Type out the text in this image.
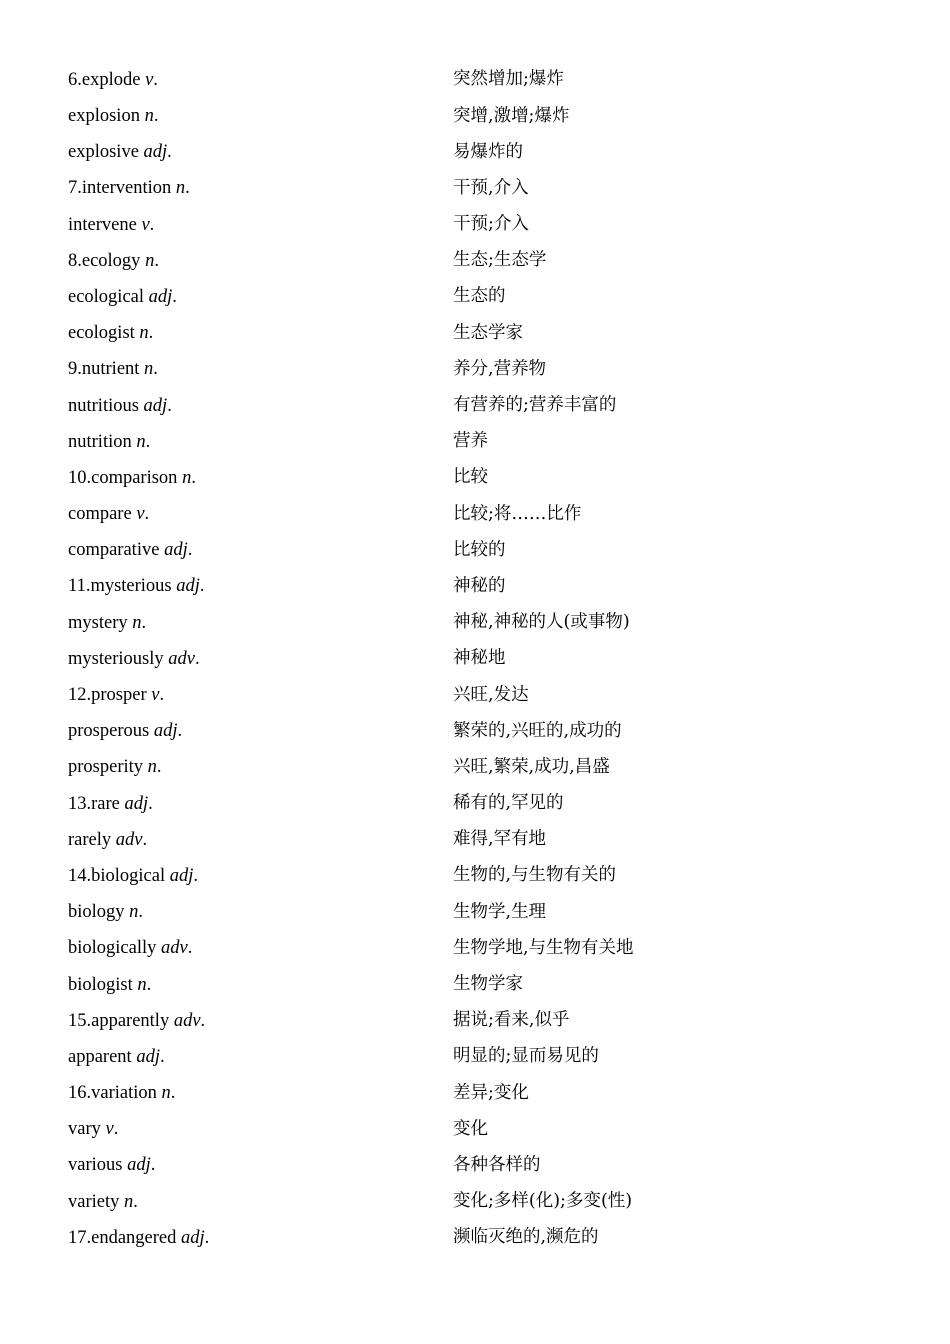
6.explode v.	突然增加;爆炸
explosion n.	突增,激增;爆炸
explosive adj.	易爆炸的
7.intervention n.	干预,介入
intervene v.	干预;介入
8.ecology n.	生态;生态学
ecological adj.	生态的
ecologist n.	生态学家
9.nutrient n.	养分,营养物
nutritious adj.	有营养的;营养丰富的
nutrition n.	营养
10.comparison n.	比较
compare v.	比较;将……比作
comparative adj.	比较的
11.mysterious adj.	神秘的
mystery n.	神秘,神秘的人(或事物)
mysteriously adv.	神秘地
12.prosper v.	兴旺,发达
prosperous adj.	繁荣的,兴旺的,成功的
prosperity n.	兴旺,繁荣,成功,昌盛
13.rare adj.	稀有的,罕见的
rarely adv.	难得,罕有地
14.biological adj.	生物的,与生物有关的
biology n.	生物学,生理
biologically adv.	生物学地,与生物有关地
biologist n.	生物学家
15.apparently adv.	据说;看来,似乎
apparent adj.	明显的;显而易见的
16.variation n.	差异;变化
vary v.	变化
various adj.	各种各样的
variety n.	变化;多样(化);多变(性)
17.endangered adj.	濒临灭绝的,濒危的
